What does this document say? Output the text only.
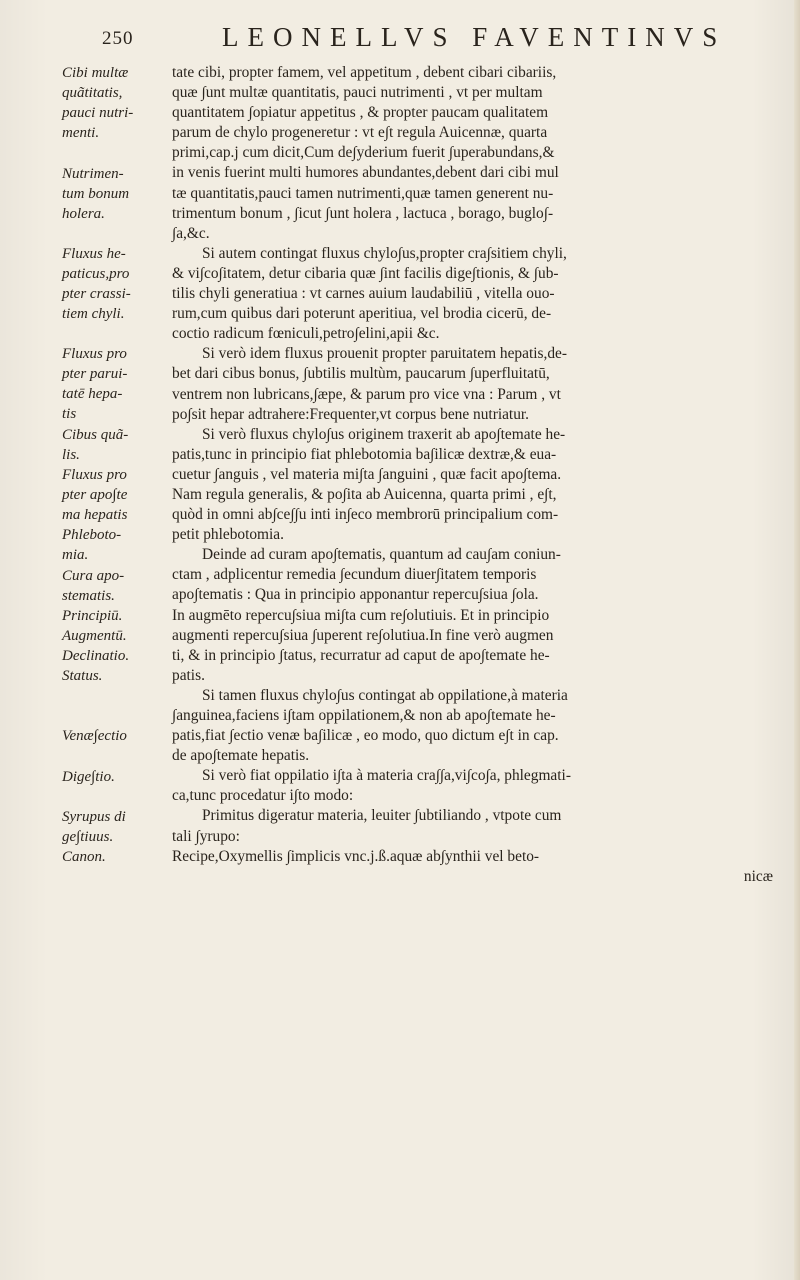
250	LEONELLVS FAVENTINVS
Cibi multæ
quãtitatis,
pauci nutri-
menti.
Nutrimen-
tum bonum
holera.
Fluxus he-
paticus,pro
pter crassi-
tiem chyli.
Fluxus pro
pter parui-
tatē hepa-
tis
Cibus quã-
lis.
Fluxus pro
pter apo∫te
ma hepatis
Phleboto-
mia.
Cura apo-
stematis.
Principiū.
Augmentū.
Declinatio.
Status.
Venæ∫ectio
Dige∫tio.
Syrupus di
ge∫tiuus.
Canon.
tate cibi, propter famem, vel appetitum , debent cibari cibariis,
quæ ∫unt multæ quantitatis, pauci nutrimenti , vt per multam
quantitatem ∫opiatur appetitus , & propter paucam qualitatem
parum de chylo progeneretur : vt e∫t regula Auicennæ, quarta
primi,cap.j cum dicit,Cum de∫yderium fuerit ∫uperabundans,&
in venis fuerint multi humores abundantes,debent dari cibi mul
tæ quantitatis,pauci tamen nutrimenti,quæ tamen generent nu-
trimentum bonum , ∫icut ∫unt holera , lactuca , borago, buglo∫-
∫a,&c.
Si autem contingat fluxus chylo∫us,propter cra∫sitiem chyli,
& vi∫co∫itatem, detur cibaria quæ ∫int facilis dige∫tionis, & ∫ub-
tilis chyli generatiua : vt carnes auium laudabiliū , vitella ouo-
rum,cum quibus dari poterunt aperitiua, vel brodia cicerū, de-
coctio radicum fœniculi,petro∫elini,apii &c.
Si verò idem fluxus prouenit propter paruitatem hepatis,de-
bet dari cibus bonus, ∫ubtilis multùm, paucarum ∫uperfluitatū,
ventrem non lubricans,∫æpe, & parum pro vice vna : Parum , vt
po∫sit hepar adtrahere:Frequenter,vt corpus bene nutriatur.
Si verò fluxus chylo∫us originem traxerit ab apo∫temate he-
patis,tunc in principio fiat phlebotomia ba∫ilicæ dextræ,& eua-
cuetur ∫anguis , vel materia mi∫ta ∫anguini , quæ facit apo∫tema.
Nam regula generalis, & po∫ita ab Auicenna, quarta primi , e∫t,
quòd in omni ab∫ce∫∫u inti in∫eco membrorū principalium com-
petit phlebotomia.
Deinde ad curam apo∫tematis, quantum ad cau∫am coniun-
ctam , adplicentur remedia ∫ecundum diuer∫itatem temporis
apo∫tematis : Qua in principio apponantur repercu∫siua ∫ola.
In augmēto repercu∫siua mi∫ta cum re∫olutiuis. Et in principio
augmenti repercu∫siua ∫uperent re∫olutiua.In fine verò augmen
ti, & in principio ∫tatus, recurratur ad caput de apo∫temate he-
patis.
Si tamen fluxus chylo∫us contingat ab oppilatione,à materia
∫anguinea,faciens i∫tam oppilationem,& non ab apo∫temate he-
patis,fiat ∫ectio venæ ba∫ilicæ , eo modo, quo dictum e∫t in cap.
de apo∫temate hepatis.
Si verò fiat oppilatio i∫ta à materia cra∫∫a,vi∫co∫a, phlegmati-
ca,tunc procedatur i∫to modo:
Primitus digeratur materia, leuiter ∫ubtiliando , vtpote cum
tali ∫yrupo:
Recipe,Oxymellis ∫implicis vnc.j.ß.aquæ ab∫ynthii vel beto-
nicæ
